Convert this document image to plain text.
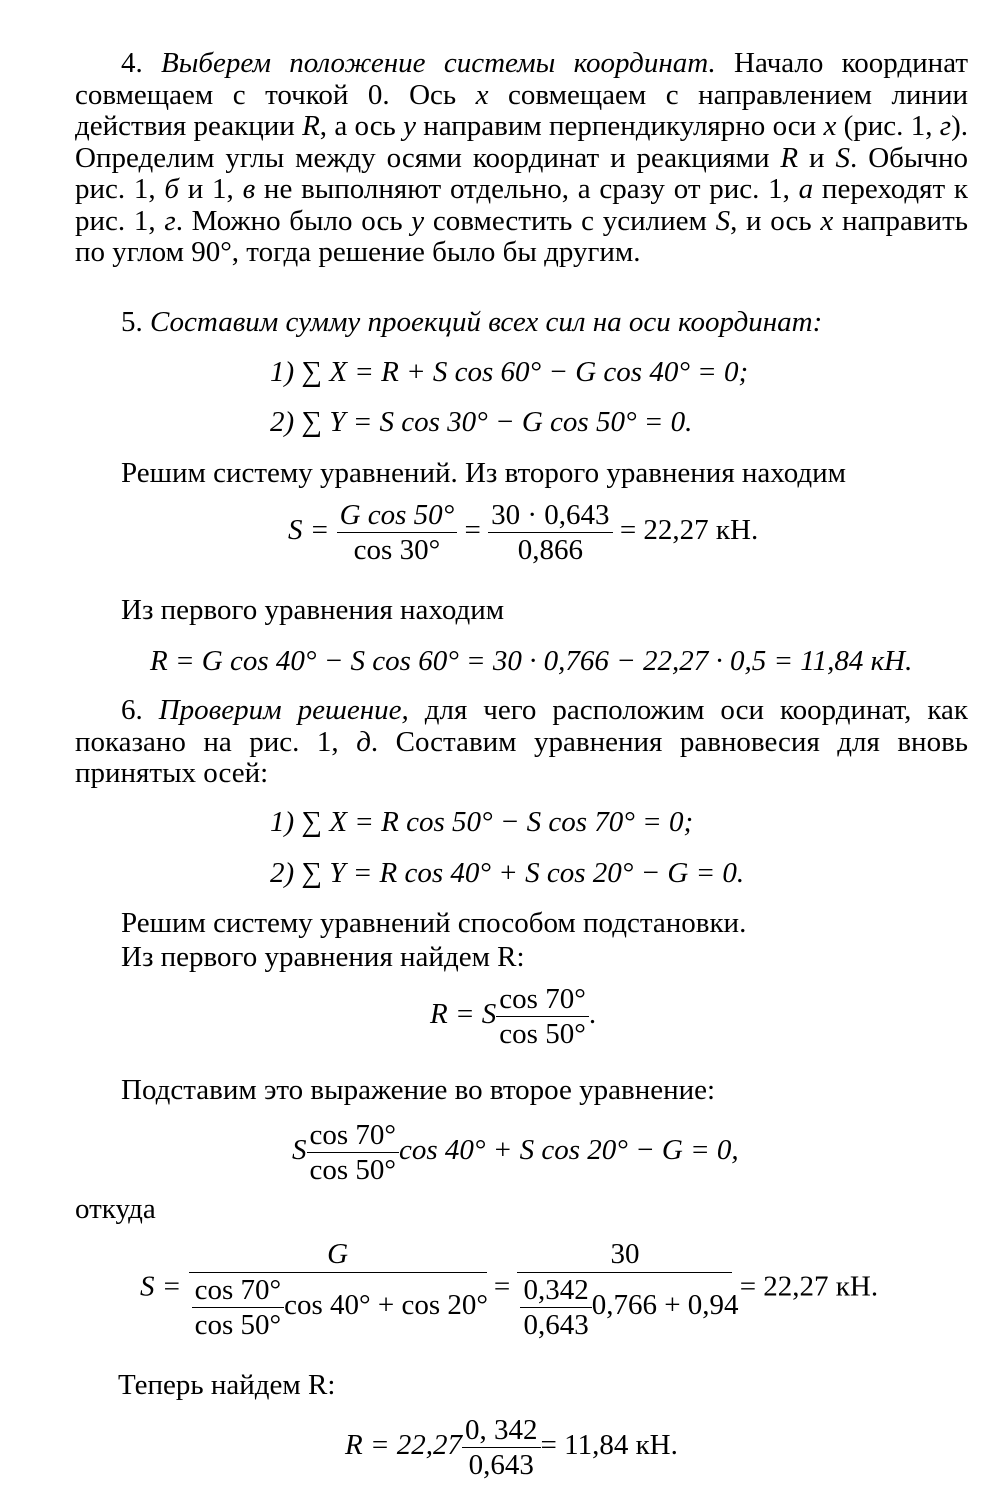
4. Выберем положение системы координат. Начало координат совмещаем с точкой 0. Ось x совмещаем с направлением линии действия реакции R, а ось y направим перпендикулярно оси x (рис. 1, г). Определим углы между осями координат и реакциями R и S. Обычно рис. 1, б и 1, в не выполняют отдельно, а сразу от рис. 1, а переходят к рис. 1, г. Можно было ось y совместить с усилием S, и ось x направить по углом 90°, тогда решение было бы другим.
5. Составим сумму проекций всех сил на оси координат:
1) ∑ X = R + S cos 60° − G cos 40° = 0;
2) ∑ Y = S cos 30° − G cos 50° = 0.
Решим систему уравнений. Из второго уравнения находим
$S = \frac{\text{G cos 50°}}{\cos 30^\circ} = \frac{30 \cdot 0,643}{0,866} = 22,27$ кН.
Из первого уравнения находим
R = G cos 40° − S cos 60° = 30 · 0,766 − 22,27 · 0,5 = 11,84 кН.
6. Проверим решение, для чего расположим оси координат, как показано на рис. 1, д. Составим уравнения равновесия для вновь принятых осей:
1) ∑ X = R cos 50° − S cos 70° = 0;
2) ∑ Y = R cos 40° + S cos 20° − G = 0.
Решим систему уравнений способом подстановки.
Из первого уравнения найдем R:
R = S $\frac{\cos 70^\circ}{\cos 50^\circ}$ .
Подставим это выражение во второе уравнение:
S $\frac{\cos 70^\circ}{\cos 50^\circ}$ cos 40° + S cos 20° − G = 0,
откуда
$S = \frac{G}{\frac{\cos 70^\circ}{\cos 50^\circ} \cos 40^\circ + \cos 20^\circ} = \frac{30}{\frac{0,342}{0,643} 0,766 + 0,94} = 22,27$ кН.
Теперь найдем R:
$R = 22,27 \frac{0, 342}{0,643} = 11,84$ кН.
